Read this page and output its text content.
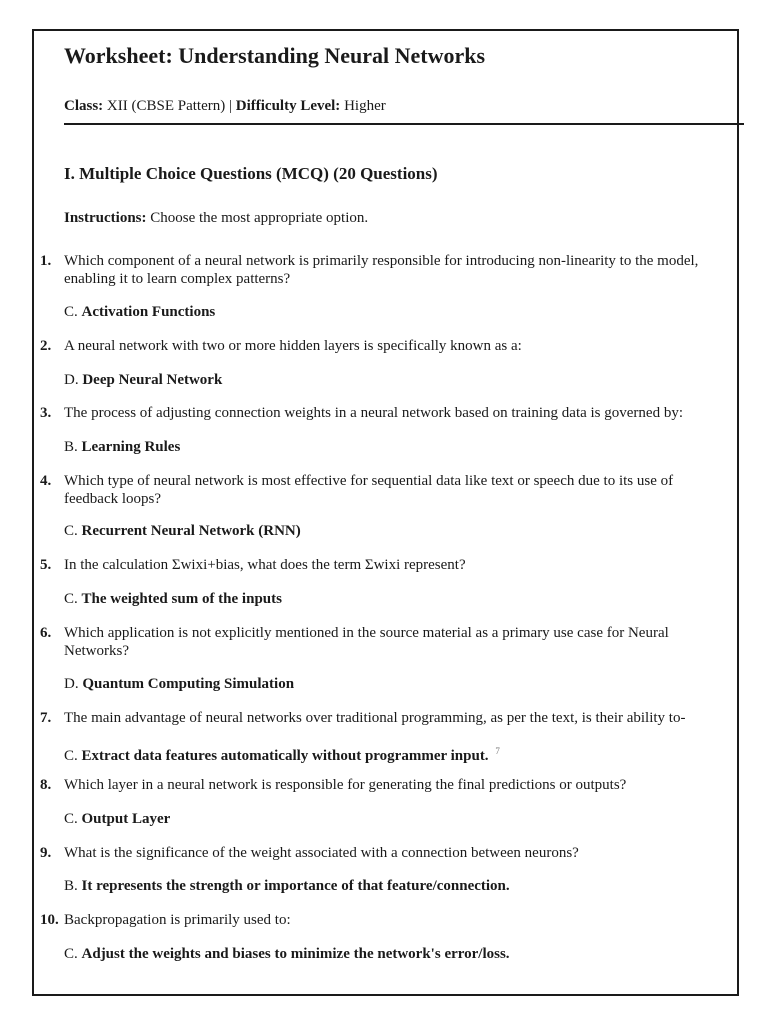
Worksheet: Understanding Neural Networks
Class: XII (CBSE Pattern) | Difficulty Level: Higher
I. Multiple Choice Questions (MCQ) (20 Questions)
Instructions: Choose the most appropriate option.
1. Which component of a neural network is primarily responsible for introducing non-linearity to the model, enabling it to learn complex patterns?
C. Activation Functions
2. A neural network with two or more hidden layers is specifically known as a:
D. Deep Neural Network
3. The process of adjusting connection weights in a neural network based on training data is governed by:
B. Learning Rules
4. Which type of neural network is most effective for sequential data like text or speech due to its use of feedback loops?
C. Recurrent Neural Network (RNN)
5. In the calculation Σwixi+bias, what does the term Σwixi represent?
C. The weighted sum of the inputs
6. Which application is not explicitly mentioned in the source material as a primary use case for Neural Networks?
D. Quantum Computing Simulation
7. The main advantage of neural networks over traditional programming, as per the text, is their ability to-
C. Extract data features automatically without programmer input. $^7$
8. Which layer in a neural network is responsible for generating the final predictions or outputs?
C. Output Layer
9. What is the significance of the weight associated with a connection between neurons?
B. It represents the strength or importance of that feature/connection.
10. Backpropagation is primarily used to:
C. Adjust the weights and biases to minimize the network's error/loss.
